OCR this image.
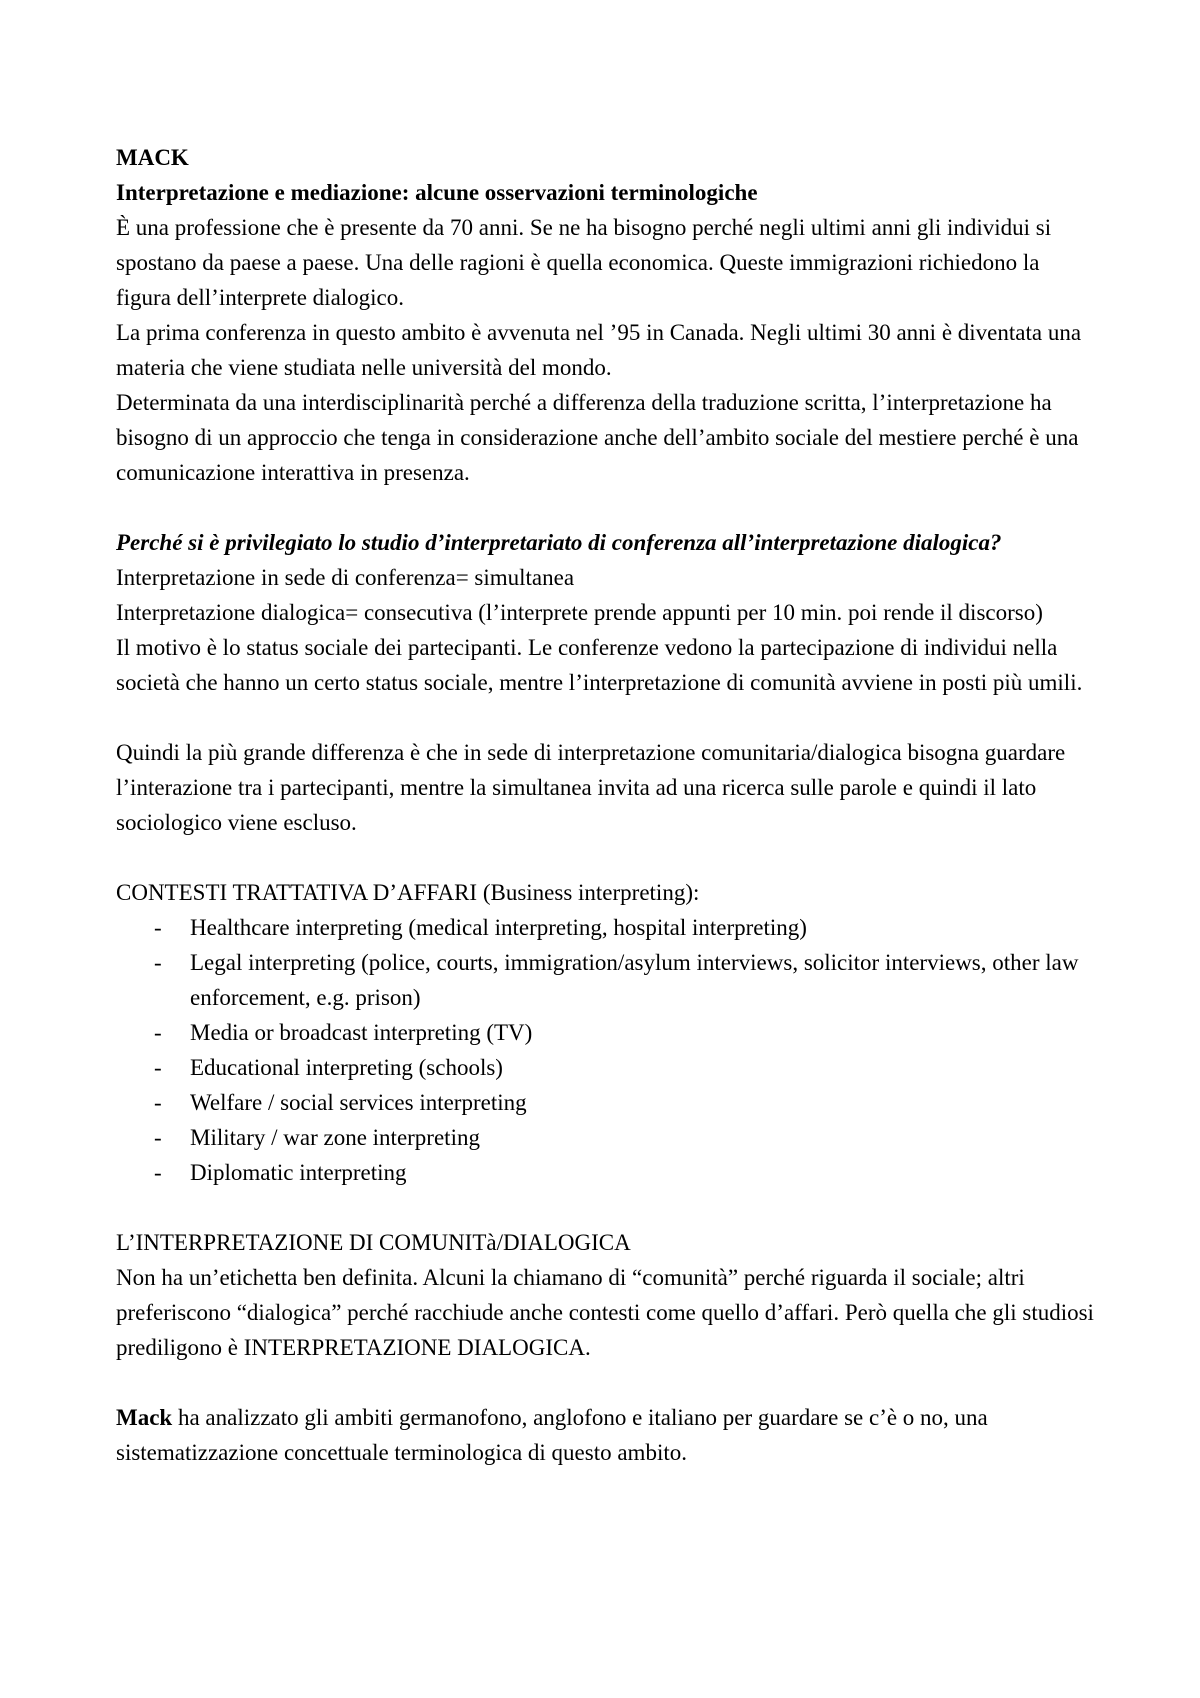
MACK

Interpretazione e mediazione: alcune osservazioni terminologiche

È una professione che è presente da 70 anni. Se ne ha bisogno perché negli ultimi anni gli individui si spostano da paese a paese. Una delle ragioni è quella economica. Queste immigrazioni richiedono la figura dell’interprete dialogico.

La prima conferenza in questo ambito è avvenuta nel ’95 in Canada. Negli ultimi 30 anni è diventata una materia che viene studiata nelle università del mondo.

Determinata da una interdisciplinarità perché a differenza della traduzione scritta, l’interpretazione ha bisogno di un approccio che tenga in considerazione anche dell’ambito sociale del mestiere perché è una comunicazione interattiva in presenza.

Perché si è privilegiato lo studio d’interpretariato di conferenza all’interpretazione dialogica?

Interpretazione in sede di conferenza= simultanea

Interpretazione dialogica= consecutiva (l’interprete prende appunti per 10 min. poi rende il discorso)

Il motivo è lo status sociale dei partecipanti. Le conferenze vedono la partecipazione di individui nella società che hanno un certo status sociale, mentre l’interpretazione di comunità avviene in posti più umili.

Quindi la più grande differenza è che in sede di interpretazione comunitaria/dialogica bisogna guardare l’interazione tra i partecipanti, mentre la simultanea invita ad una ricerca sulle parole e quindi il lato sociologico viene escluso.

CONTESTI TRATTATIVA D’AFFARI (Business interpreting):

- Healthcare interpreting (medical interpreting, hospital interpreting)
- Legal interpreting (police, courts, immigration/asylum interviews, solicitor interviews, other law enforcement, e.g. prison)
- Media or broadcast interpreting (TV)
- Educational interpreting (schools)
- Welfare / social services interpreting
- Military / war zone interpreting
- Diplomatic interpreting

L’INTERPRETAZIONE DI COMUNITà/DIALOGICA

Non ha un’etichetta ben definita. Alcuni la chiamano di “comunità” perché riguarda il sociale; altri preferiscono “dialogica” perché racchiude anche contesti come quello d’affari. Però quella che gli studiosi prediligono è INTERPRETAZIONE DIALOGICA.

Mack ha analizzato gli ambiti germanofono, anglofono e italiano per guardare se c’è o no, una sistematizzazione concettuale terminologica di questo ambito.
